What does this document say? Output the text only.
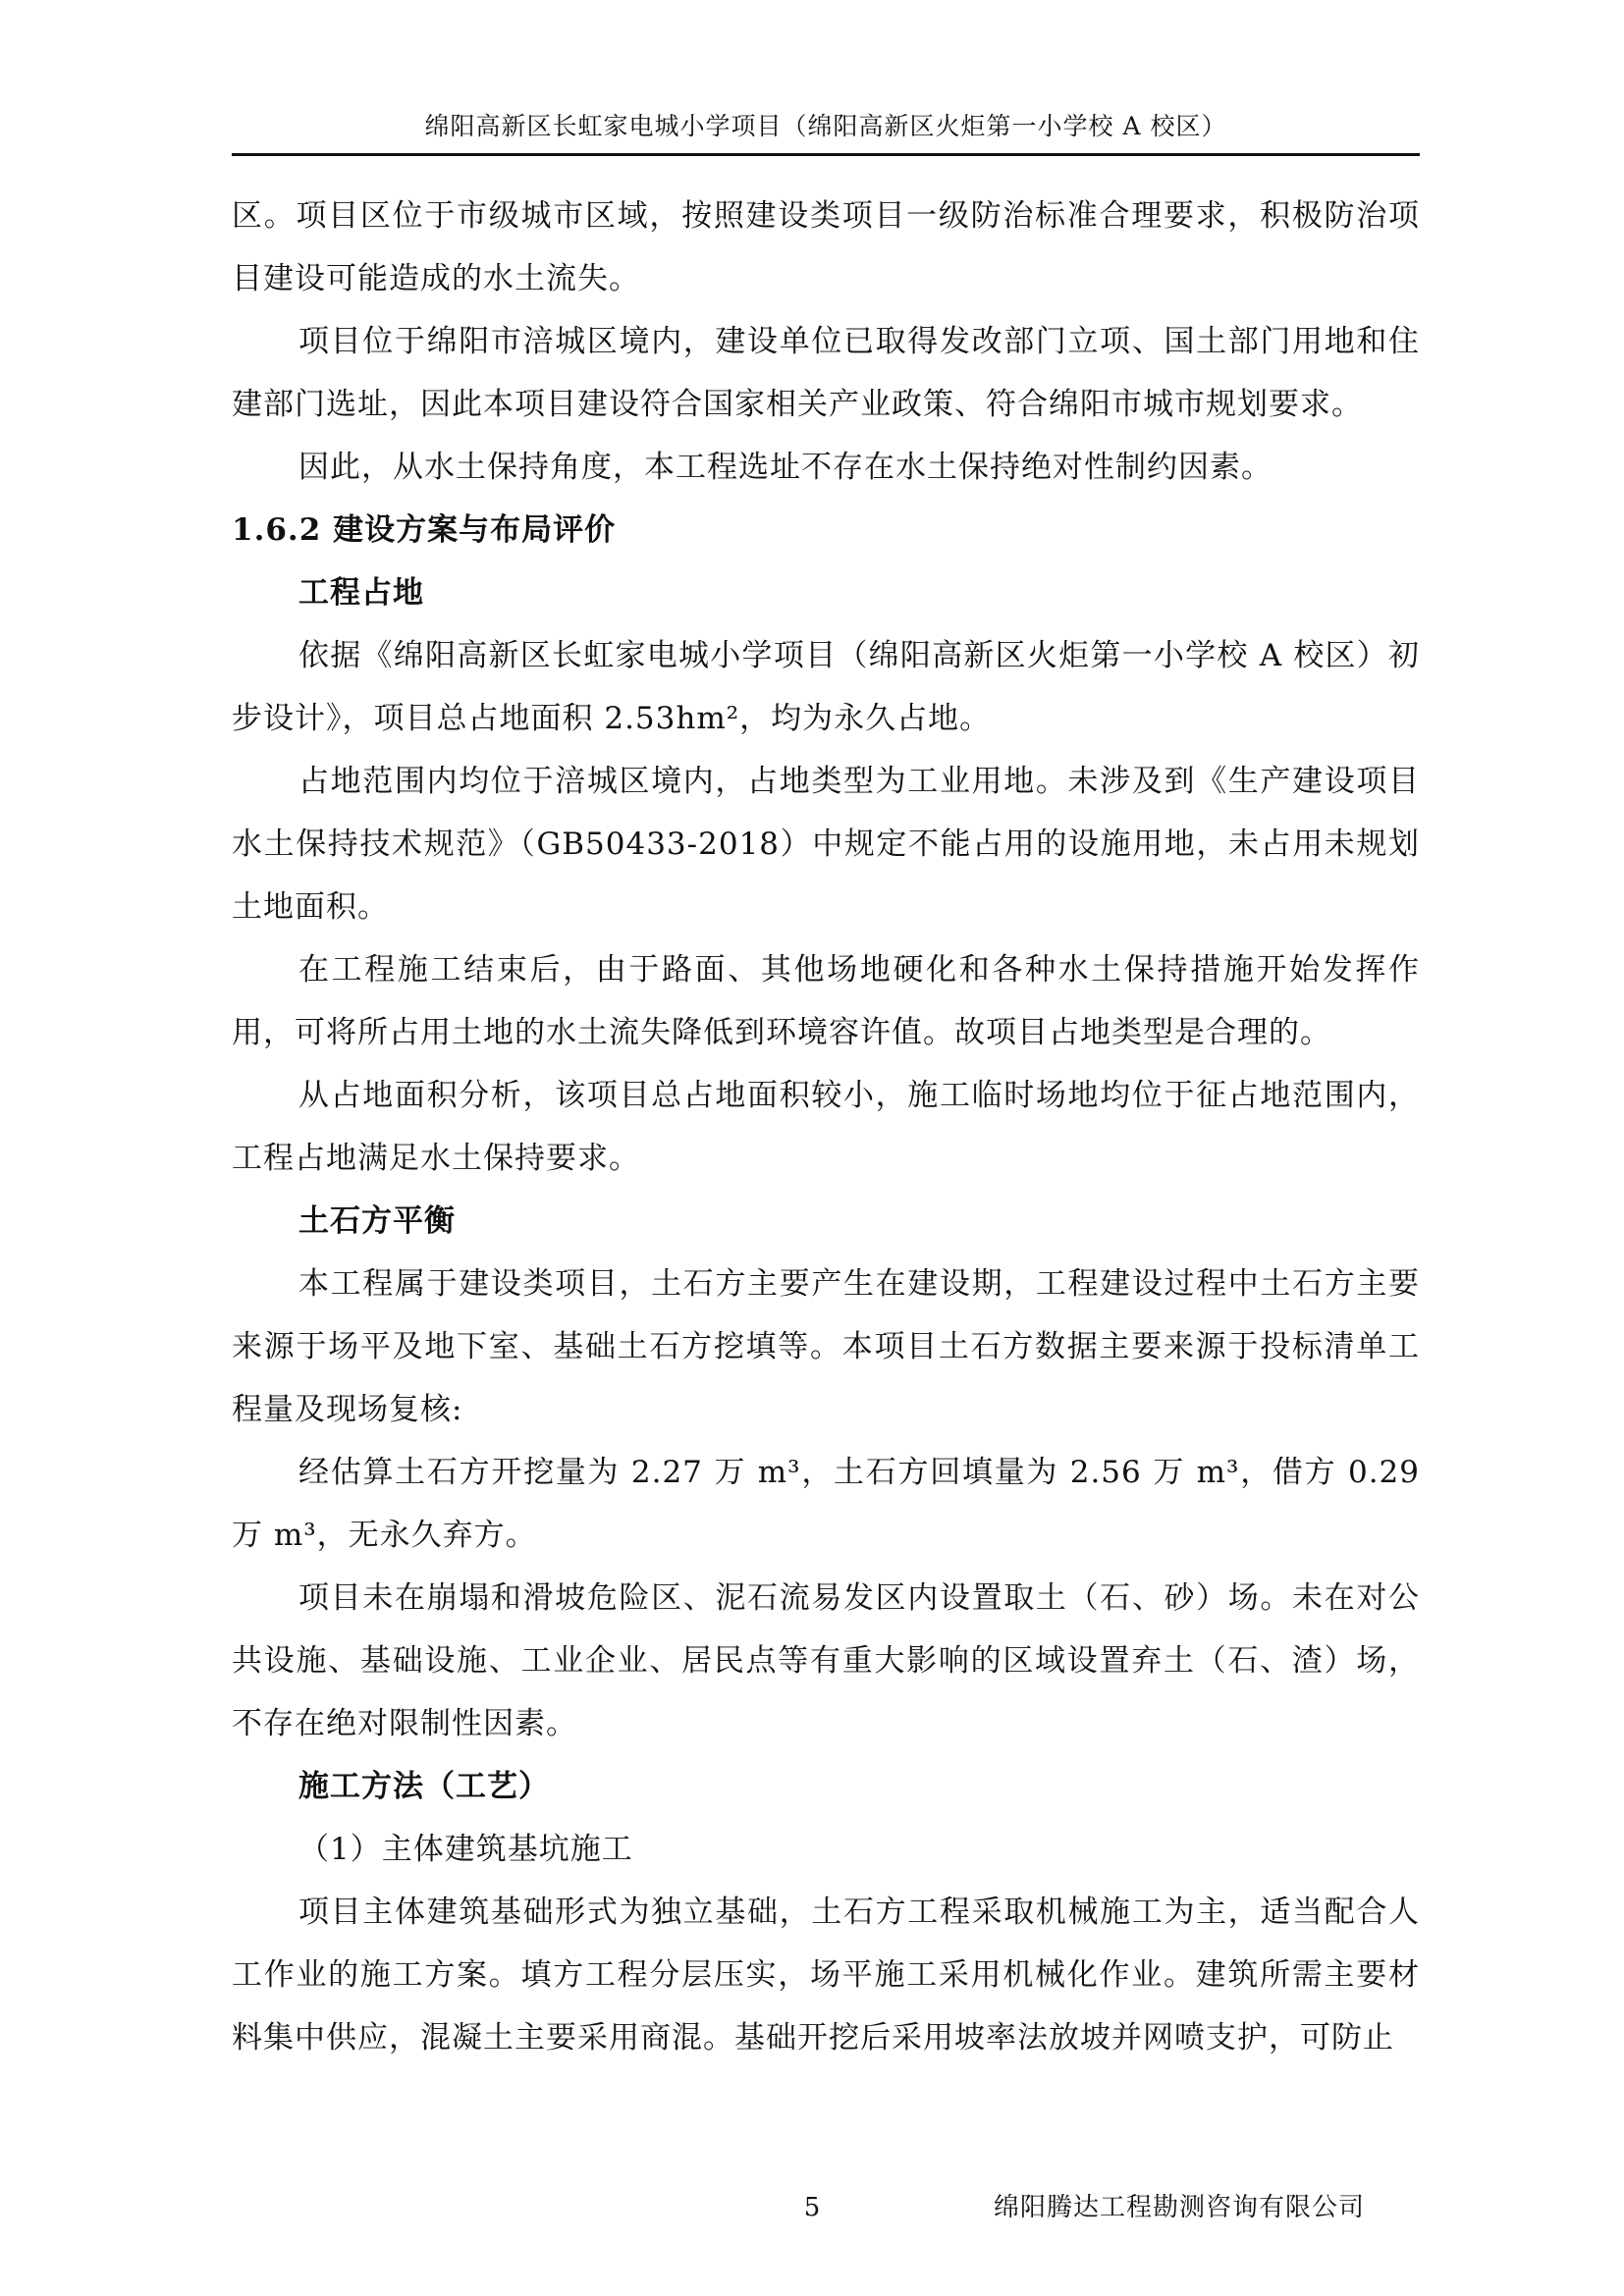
绵阳高新区长虹家电城小学项目（绵阳高新区火炬第一小学校 A 校区）

区。项目区位于市级城市区域，按照建设类项目一级防治标准合理要求，积极防治项目建设可能造成的水土流失。

项目位于绵阳市涪城区境内，建设单位已取得发改部门立项、国土部门用地和住建部门选址，因此本项目建设符合国家相关产业政策、符合绵阳市城市规划要求。

因此，从水土保持角度，本工程选址不存在水土保持绝对性制约因素。

1.6.2 建设方案与布局评价

工程占地

依据《绵阳高新区长虹家电城小学项目（绵阳高新区火炬第一小学校 A 校区）初步设计》，项目总占地面积 2.53hm²，均为永久占地。

占地范围内均位于涪城区境内，占地类型为工业用地。未涉及到《生产建设项目水土保持技术规范》（GB50433-2018）中规定不能占用的设施用地，未占用未规划土地面积。

在工程施工结束后，由于路面、其他场地硬化和各种水土保持措施开始发挥作用，可将所占用土地的水土流失降低到环境容许值。故项目占地类型是合理的。

从占地面积分析，该项目总占地面积较小，施工临时场地均位于征占地范围内，工程占地满足水土保持要求。

土石方平衡

本工程属于建设类项目，土石方主要产生在建设期，工程建设过程中土石方主要来源于场平及地下室、基础土石方挖填等。本项目土石方数据主要来源于投标清单工程量及现场复核:

经估算土石方开挖量为 2.27 万 m³，土石方回填量为 2.56 万 m³，借方 0.29 万 m³，无永久弃方。

项目未在崩塌和滑坡危险区、泥石流易发区内设置取土（石、砂）场。未在对公共设施、基础设施、工业企业、居民点等有重大影响的区域设置弃土（石、渣）场，不存在绝对限制性因素。

施工方法（工艺）

（1）主体建筑基坑施工

项目主体建筑基础形式为独立基础，土石方工程采取机械施工为主，适当配合人工作业的施工方案。填方工程分层压实，场平施工采用机械化作业。建筑所需主要材料集中供应，混凝土主要采用商混。基础开挖后采用坡率法放坡并网喷支护，可防止

5	绵阳腾达工程勘测咨询有限公司
